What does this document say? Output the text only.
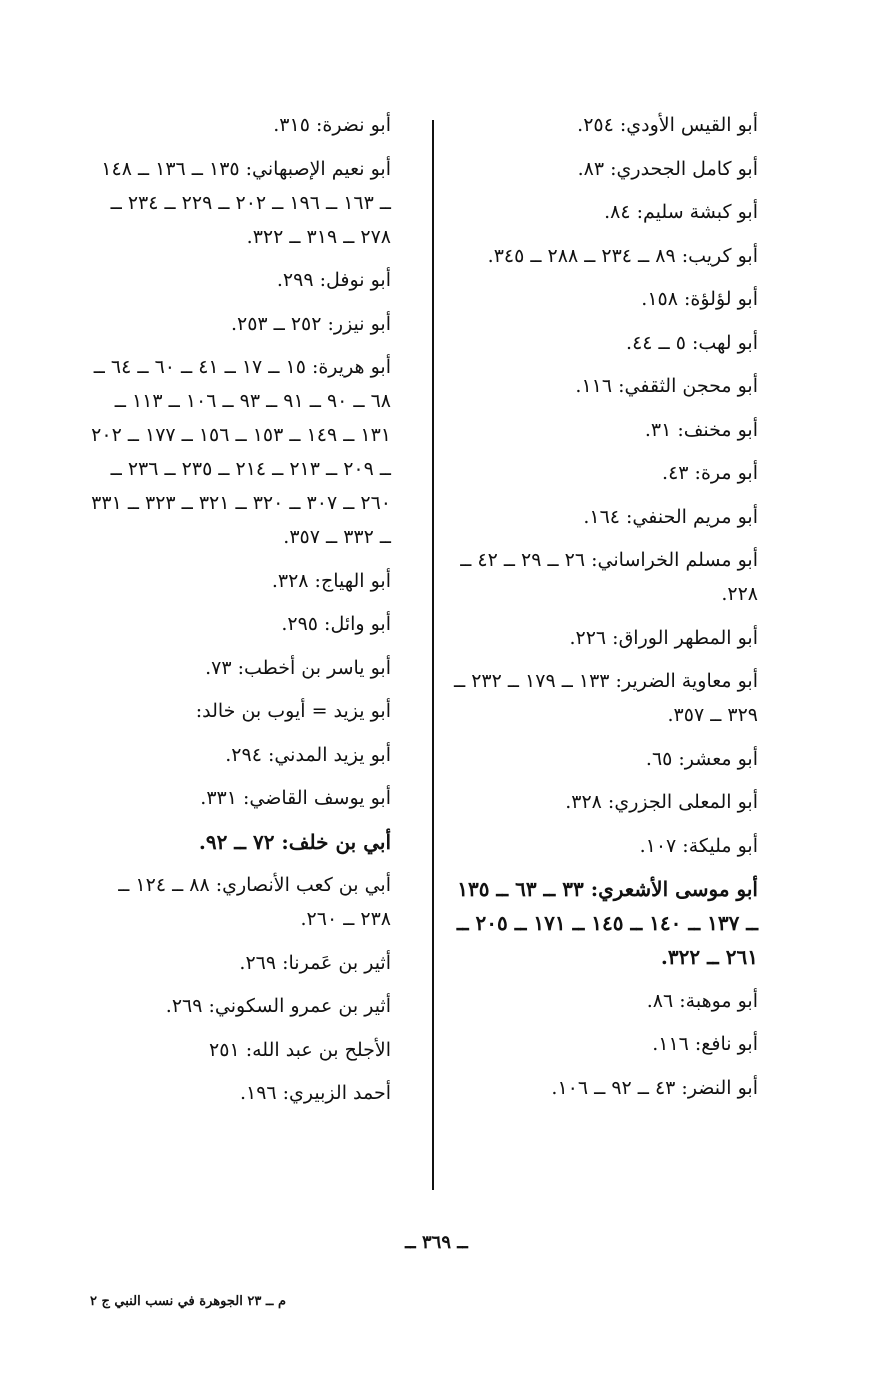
أبو القيس الأودي: ٢٥٤.
أبو كامل الجحدري: ٨٣.
أبو كبشة سليم: ٨٤.
أبو كريب: ٨٩ ــ ٢٣٤ ــ ٢٨٨ ــ ٣٤٥.
أبو لؤلؤة: ١٥٨.
أبو لهب: ٥ ــ ٤٤.
أبو محجن الثقفي: ١١٦.
أبو مخنف: ٣١.
أبو مرة: ٤٣.
أبو مريم الحنفي: ١٦٤.
أبو مسلم الخراساني: ٢٦ ــ ٢٩ ــ ٤٢ ــ ٢٢٨.
أبو المطهر الوراق: ٢٢٦.
أبو معاوية الضرير: ١٣٣ ــ ١٧٩ ــ ٢٣٢ ــ ٣٢٩ ــ ٣٥٧.
أبو معشر: ٦٥.
أبو المعلى الجزري: ٣٢٨.
أبو مليكة: ١٠٧.
أبو موسى الأشعري: ٣٣ ــ ٦٣ ــ ١٣٥ ــ ١٣٧ ــ ١٤٠ ــ ١٤٥ ــ ١٧١ ــ ٢٠٥ ــ ٢٦١ ــ ٣٢٢.
أبو موهبة: ٨٦.
أبو نافع: ١١٦.
أبو النضر: ٤٣ ــ ٩٢ ــ ١٠٦.
أبو نضرة: ٣١٥.
أبو نعيم الإصبهاني: ١٣٥ ــ ١٣٦ ــ ١٤٨ ــ ١٦٣ ــ ١٩٦ ــ ٢٠٢ ــ ٢٢٩ ــ ٢٣٤ ــ ٢٧٨ ــ ٣١٩ ــ ٣٢٢.
أبو نوفل: ٢٩٩.
أبو نيزر: ٢٥٢ ــ ٢٥٣.
أبو هريرة: ١٥ ــ ١٧ ــ ٤١ ــ ٦٠ ــ ٦٤ ــ ٦٨ ــ ٩٠ ــ ٩١ ــ ٩٣ ــ ١٠٦ ــ ١١٣ ــ ١٣١ ــ ١٤٩ ــ ١٥٣ ــ ١٥٦ ــ ١٧٧ ــ ٢٠٢ ــ ٢٠٩ ــ ٢١٣ ــ ٢١٤ ــ ٢٣٥ ــ ٢٣٦ ــ ٢٦٠ ــ ٣٠٧ ــ ٣٢٠ ــ ٣٢١ ــ ٣٢٣ ــ ٣٣١ ــ ٣٣٢ ــ ٣٥٧.
أبو الهياج: ٣٢٨.
أبو وائل: ٢٩٥.
أبو ياسر بن أخطب: ٧٣.
أبو يزيد = أيوب بن خالد:
أبو يزيد المدني: ٢٩٤.
أبو يوسف القاضي: ٣٣١.
أبي بن خلف: ٧٢ ــ ٩٢.
أبي بن كعب الأنصاري: ٨٨ ــ ١٢٤ ــ ٢٣٨ ــ ٢٦٠.
أثير بن عَمرنا: ٢٦٩.
أثير بن عمرو السكوني: ٢٦٩.
الأجلح بن عبد الله: ٢٥١
أحمد الزبيري: ١٩٦.
ــ ٣٦٩ ــ
م ــ ٢٣ الجوهرة في نسب النبي ج ٢
